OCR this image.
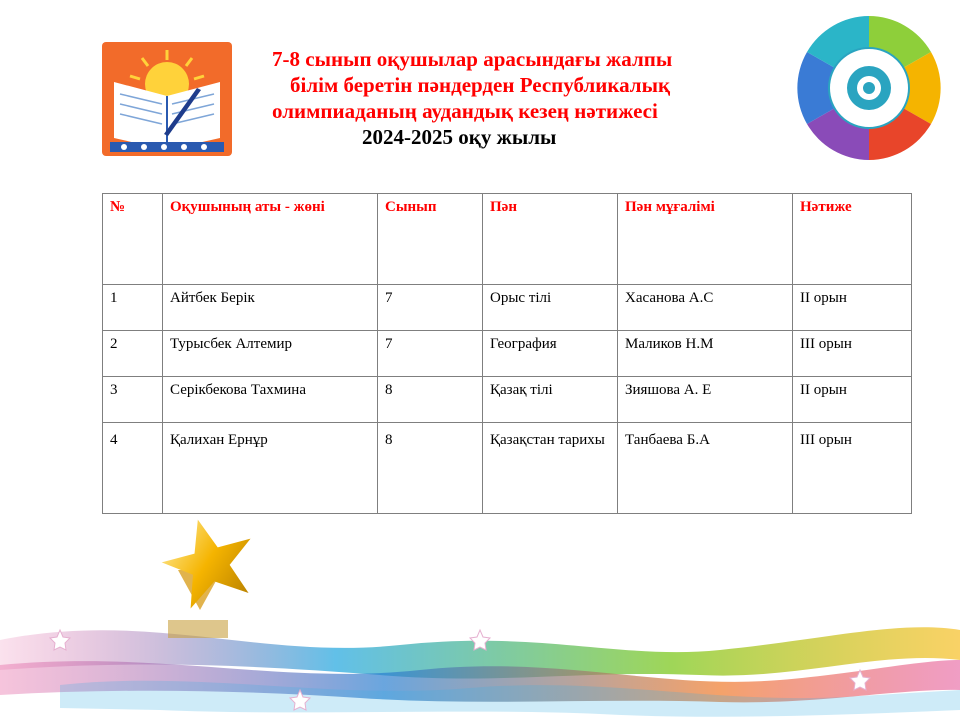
7-8 сынып оқушылар арасындағы жалпы
білім беретін пәндерден Республикалық
олимпиаданың аудандық кезең нәтижесі
2024-2025 оқу жылы
№	Оқушының аты - жөні	Сынып	Пән	Пән мұғалімі	Нәтиже
1	Айтбек Берік	7	Орыс тілі	Хасанова А.С	II орын
2	Турысбек Алтемир	7	География	Маликов Н.М	III орын
3	Серікбекова Тахмина	8	Қазақ тілі	Зияшова А. Е	II орын
4	Қалихан Ернұр	8	Қазақстан тарихы	Танбаева Б.А	III орын
